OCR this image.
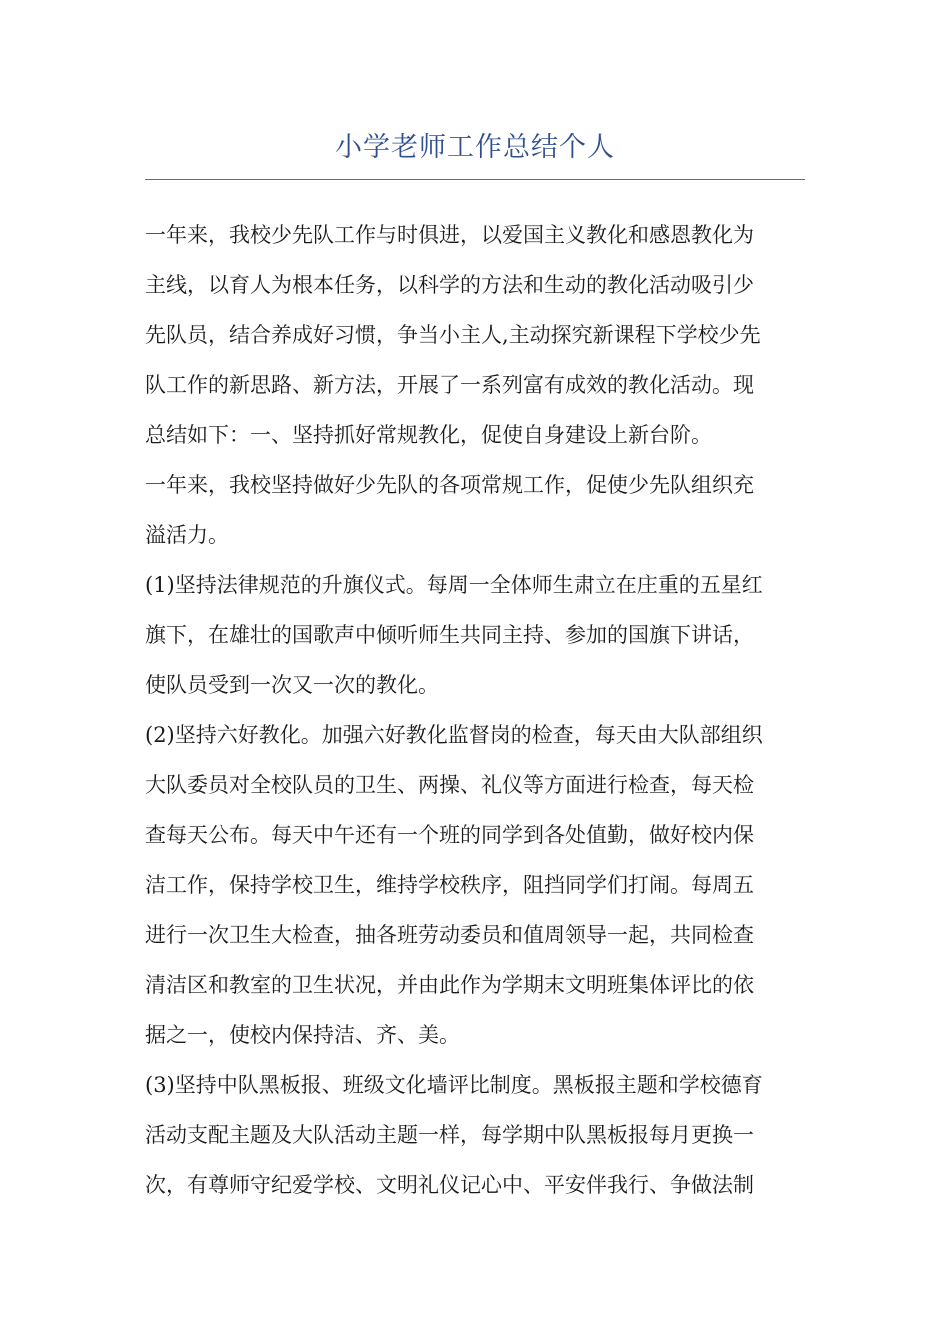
小学老师工作总结个人
一年来，我校少先队工作与时俱进，以爱国主义教化和感恩教化为
主线，以育人为根本任务，以科学的方法和生动的教化活动吸引少
先队员，结合养成好习惯，争当小主人,主动探究新课程下学校少先
队工作的新思路、新方法，开展了一系列富有成效的教化活动。现
总结如下：一、坚持抓好常规教化，促使自身建设上新台阶。
一年来，我校坚持做好少先队的各项常规工作，促使少先队组织充
溢活力。
(1)坚持法律规范的升旗仪式。每周一全体师生肃立在庄重的五星红
旗下，在雄壮的国歌声中倾听师生共同主持、参加的国旗下讲话，
使队员受到一次又一次的教化。
(2)坚持六好教化。加强六好教化监督岗的检查，每天由大队部组织
大队委员对全校队员的卫生、两操、礼仪等方面进行检查，每天检
查每天公布。每天中午还有一个班的同学到各处值勤，做好校内保
洁工作，保持学校卫生，维持学校秩序，阻挡同学们打闹。每周五
进行一次卫生大检查，抽各班劳动委员和值周领导一起，共同检查
清洁区和教室的卫生状况，并由此作为学期末文明班集体评比的依
据之一，使校内保持洁、齐、美。
(3)坚持中队黑板报、班级文化墙评比制度。黑板报主题和学校德育
活动支配主题及大队活动主题一样，每学期中队黑板报每月更换一
次，有尊师守纪爱学校、文明礼仪记心中、平安伴我行、争做法制
